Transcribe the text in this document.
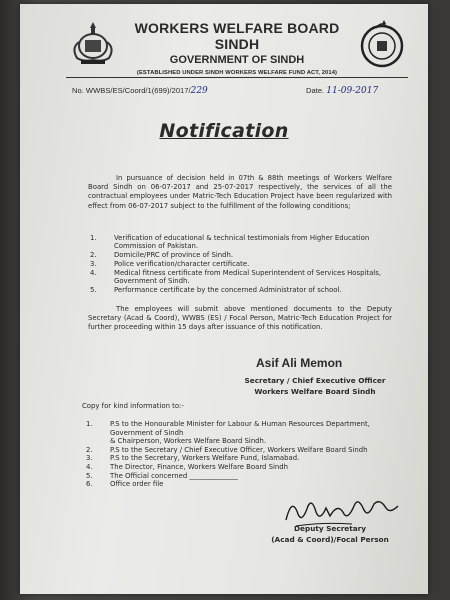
WORKERS WELFARE BOARD SINDH
GOVERNMENT OF SINDH
(ESTABLISHED UNDER SINDH WORKERS WELFARE FUND ACT, 2014)
No. WWBS/ES/Coord/1(699)/2017/229	Date. 11-09-2017
Notification
In pursuance of decision held in 07th & 88th meetings of Workers Welfare Board Sindh on 06-07-2017 and 25-07-2017 respectively, the services of all the contractual employees under Matric-Tech Education Project have been regularized with effect from 06-07-2017 subject to the fulfillment of the following conditions;
1.	Verification of educational & technical testimonials from Higher Education Commission of Pakistan.
2.	Domicile/PRC of province of Sindh.
3.	Police verification/character certificate.
4.	Medical fitness certificate from Medical Superintendent of Services Hospitals, Government of Sindh.
5.	Performance certificate by the concerned Administrator of school.
The employees will submit above mentioned documents to the Deputy Secretary (Acad & Coord), WWBS (ES) / Focal Person, Matric-Tech Education Project for further proceeding within 15 days after issuance of this notification.
Asif Ali Memon
Secretary / Chief Executive Officer
Workers Welfare Board Sindh
Copy for kind information to:-
1.	P.S to the Honourable Minister for Labour & Human Resources Department,
Government of Sindh
& Chairperson, Workers Welfare Board Sindh.
2.	P.S to the Secretary / Chief Executive Officer, Workers Welfare Board Sindh
3.	P.S to the Secretary, Workers Welfare Fund, Islamabad.
4.	The Director, Finance, Workers Welfare Board Sindh
5.	The Official concerned ______________
6.	Office order file
Deputy Secretary
(Acad & Coord)/Focal Person
